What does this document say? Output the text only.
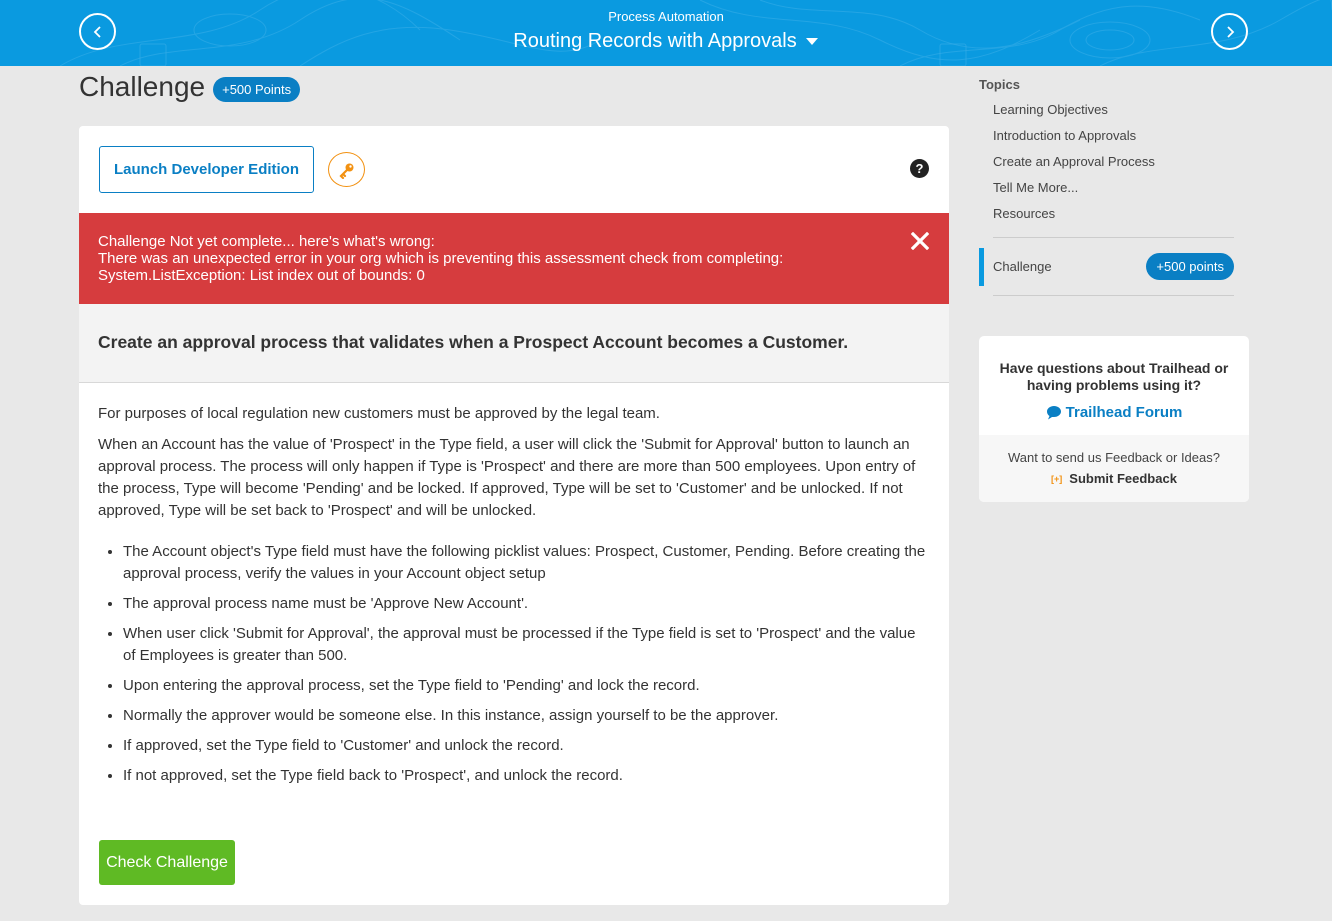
Process Automation
Routing Records with Approvals
Challenge	+500 Points
Launch Developer Edition	?
Challenge Not yet complete... here's what's wrong:
There was an unexpected error in your org which is preventing this assessment check from completing:
System.ListException: List index out of bounds: 0
Create an approval process that validates when a Prospect Account becomes a Customer.

For purposes of local regulation new customers must be approved by the legal team.

When an Account has the value of 'Prospect' in the Type field, a user will click the 'Submit for Approval' button to launch an approval process. The process will only happen if Type is 'Prospect' and there are more than 500 employees. Upon entry of the process, Type will become 'Pending' and be locked. If approved, Type will be set to 'Customer' and be unlocked. If not approved, Type will be set back to 'Prospect' and will be unlocked.

• The Account object's Type field must have the following picklist values: Prospect, Customer, Pending. Before creating the approval process, verify the values in your Account object setup
• The approval process name must be 'Approve New Account'.
• When user click 'Submit for Approval', the approval must be processed if the Type field is set to 'Prospect' and the value of Employees is greater than 500.
• Upon entering the approval process, set the Type field to 'Pending' and lock the record.
• Normally the approver would be someone else. In this instance, assign yourself to be the approver.
• If approved, set the Type field to 'Customer' and unlock the record.
• If not approved, set the Type field back to 'Prospect', and unlock the record.
Check Challenge
Topics
Learning Objectives
Introduction to Approvals
Create an Approval Process
Tell Me More...
Resources
Challenge	+500 points
Have questions about Trailhead or having problems using it?
Trailhead Forum
Want to send us Feedback or Ideas?
[+] Submit Feedback
